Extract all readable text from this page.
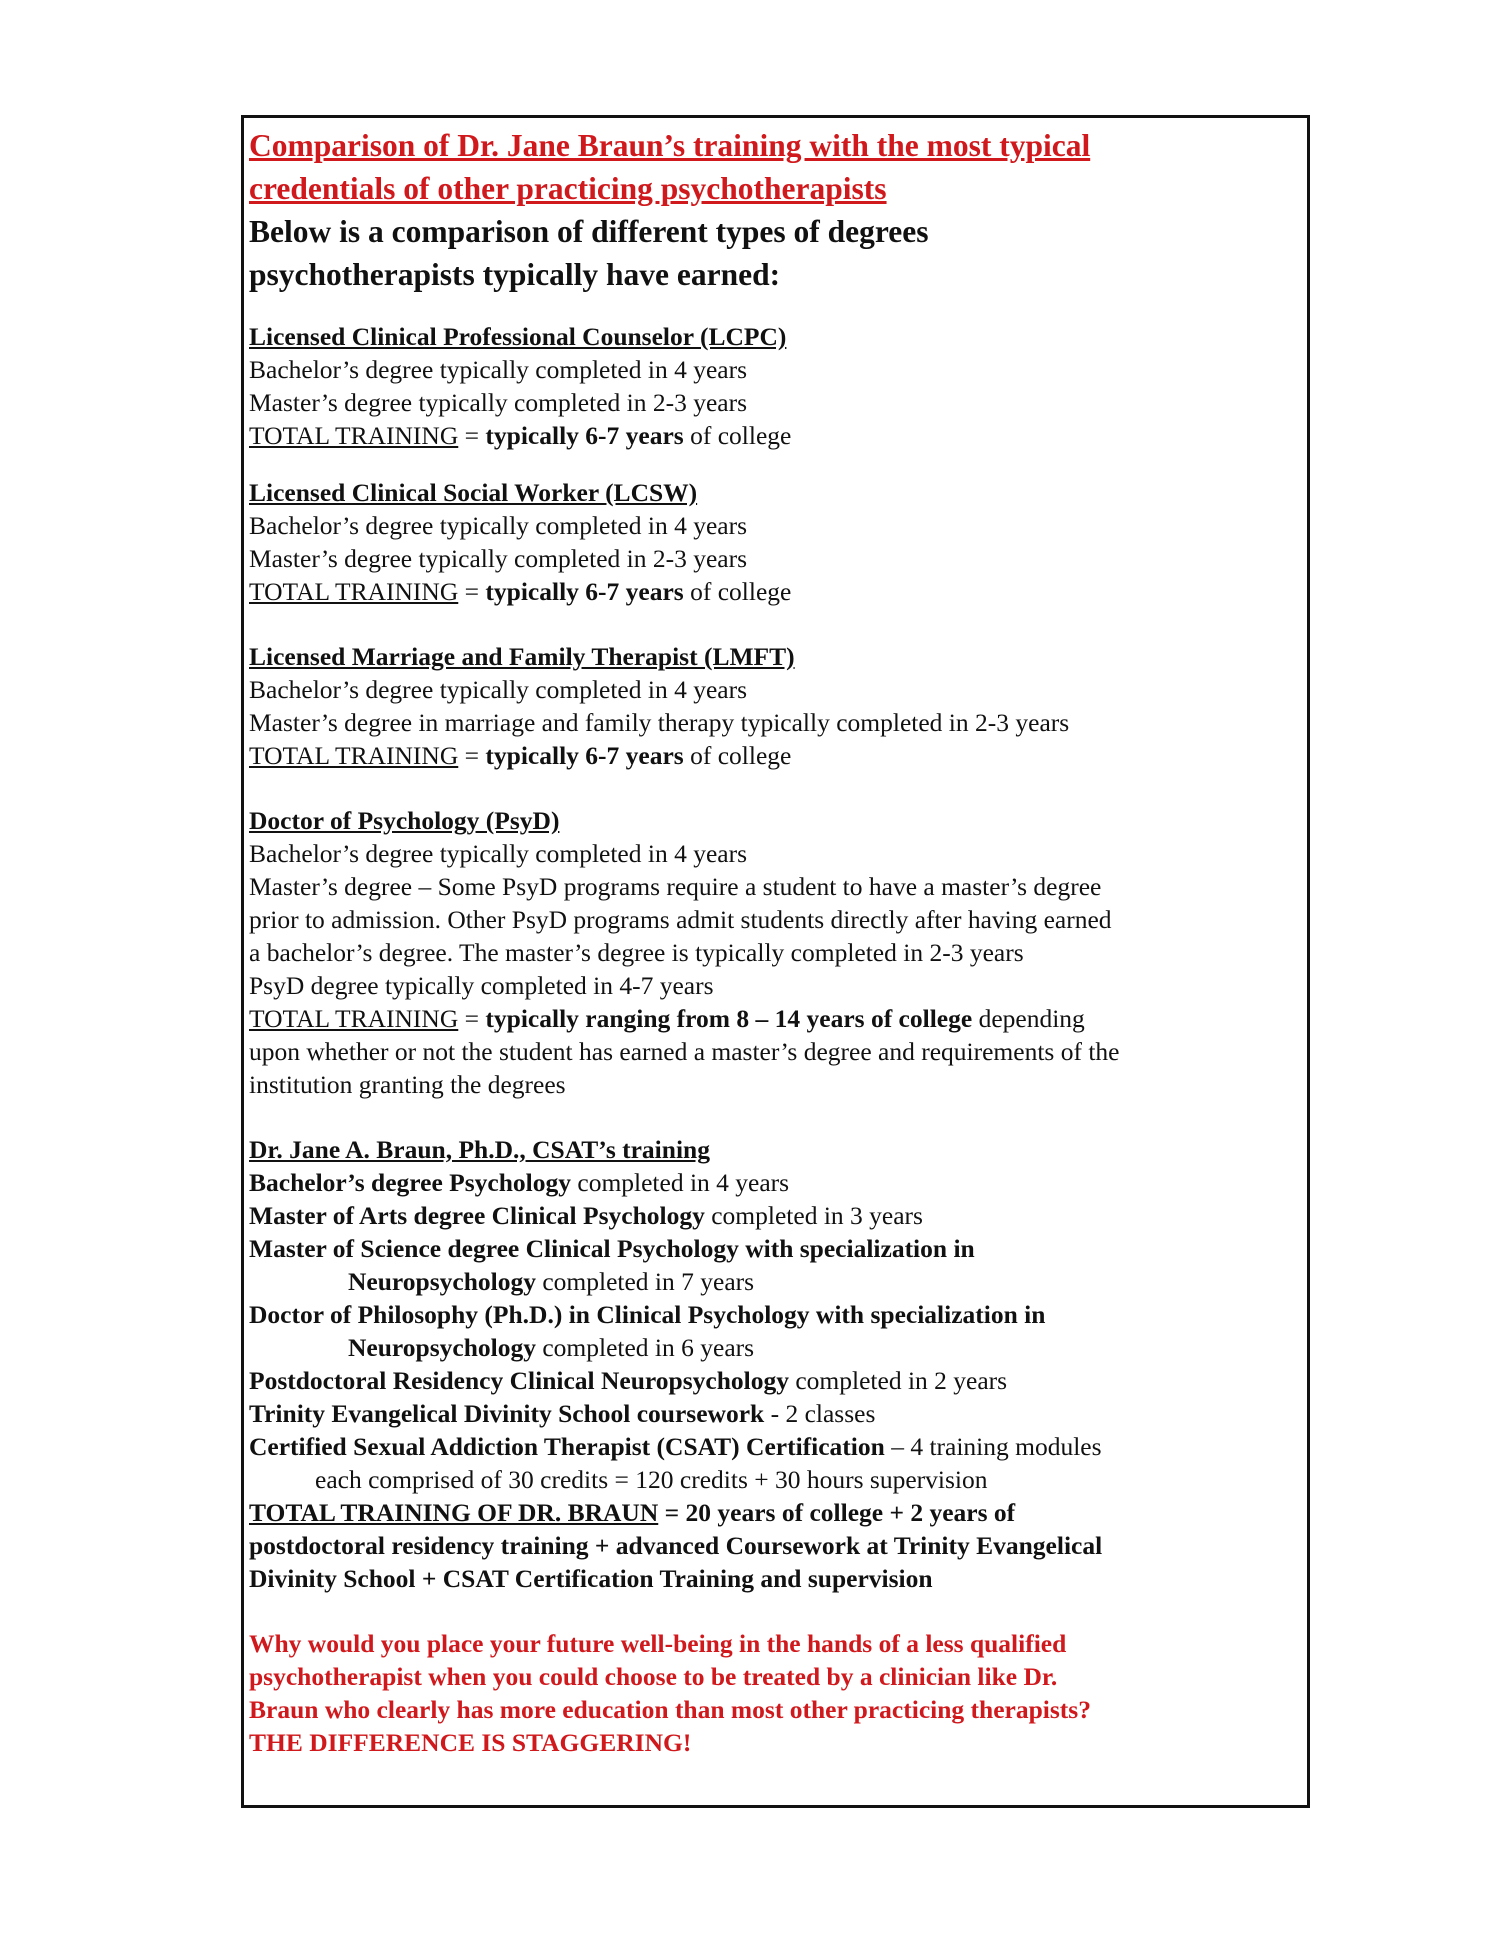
Comparison of Dr. Jane Braun’s training with the most typical

credentials of other practicing psychotherapists

Below is a comparison of different types of degrees

psychotherapists typically have earned:

Licensed Clinical Professional Counselor (LCPC)

Bachelor’s degree typically completed in 4 years

Master’s degree typically completed in 2-3 years

TOTAL TRAINING = typically 6-7 years of college

Licensed Clinical Social Worker (LCSW)

Bachelor’s degree typically completed in 4 years

Master’s degree typically completed in 2-3 years

TOTAL TRAINING = typically 6-7 years of college

Licensed Marriage and Family Therapist (LMFT)

Bachelor’s degree typically completed in 4 years

Master’s degree in marriage and family therapy typically completed in 2-3 years

TOTAL TRAINING = typically 6-7 years of college

Doctor of Psychology (PsyD)

Bachelor’s degree typically completed in 4 years

Master’s degree – Some PsyD programs require a student to have a master’s degree

prior to admission. Other PsyD programs admit students directly after having earned

a bachelor’s degree. The master’s degree is typically completed in 2-3 years

PsyD degree typically completed in 4-7 years

TOTAL TRAINING = typically ranging from 8 – 14 years of college depending

upon whether or not the student has earned a master’s degree and requirements of the

institution granting the degrees

Dr. Jane A. Braun, Ph.D., CSAT’s training

Bachelor’s degree Psychology completed in 4 years

Master of Arts degree Clinical Psychology completed in 3 years

Master of Science degree Clinical Psychology with specialization in

Neuropsychology completed in 7 years

Doctor of Philosophy (Ph.D.) in Clinical Psychology with specialization in

Neuropsychology completed in 6 years

Postdoctoral Residency Clinical Neuropsychology completed in 2 years

Trinity Evangelical Divinity School coursework - 2 classes

Certified Sexual Addiction Therapist (CSAT) Certification – 4 training modules

each comprised of 30 credits = 120 credits + 30 hours supervision

TOTAL TRAINING OF DR. BRAUN = 20 years of college + 2 years of

postdoctoral residency training + advanced Coursework at Trinity Evangelical

Divinity School + CSAT Certification Training and supervision

Why would you place your future well-being in the hands of a less qualified

psychotherapist when you could choose to be treated by a clinician like Dr.

Braun who clearly has more education than most other practicing therapists?

THE DIFFERENCE IS STAGGERING!
